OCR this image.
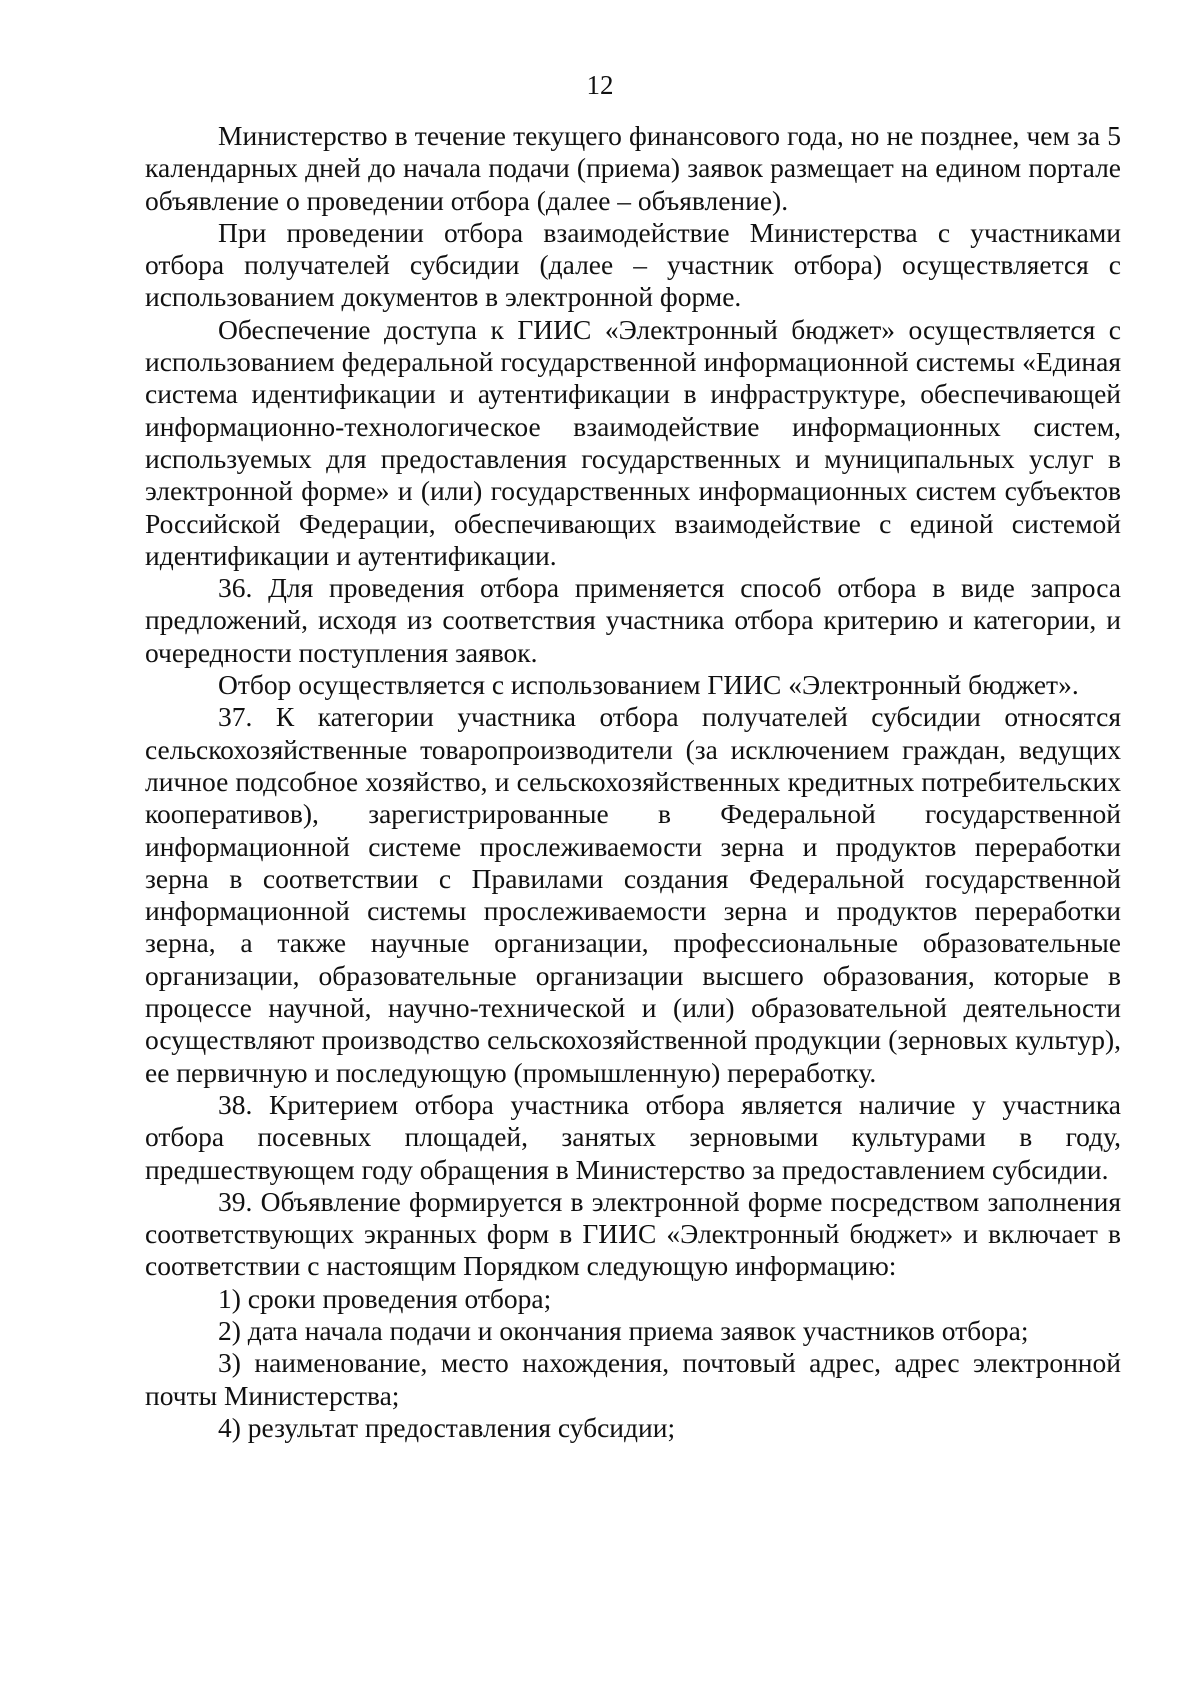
12

Министерство в течение текущего финансового года, но не позднее, чем за 5 календарных дней до начала подачи (приема) заявок размещает на едином портале объявление о проведении отбора (далее – объявление).

При проведении отбора взаимодействие Министерства с участниками отбора получателей субсидии (далее – участник отбора) осуществляется с использованием документов в электронной форме.

Обеспечение доступа к ГИИС «Электронный бюджет» осуществляется с использованием федеральной государственной информационной системы «Единая система идентификации и аутентификации в инфраструктуре, обеспечивающей информационно-технологическое взаимодействие информационных систем, используемых для предоставления государственных и муниципальных услуг в электронной форме» и (или) государственных информационных систем субъектов Российской Федерации, обеспечивающих взаимодействие с единой системой идентификации и аутентификации.

36. Для проведения отбора применяется способ отбора в виде запроса предложений, исходя из соответствия участника отбора критерию и категории, и очередности поступления заявок.

Отбор осуществляется с использованием ГИИС «Электронный бюджет».

37. К категории участника отбора получателей субсидии относятся сельскохозяйственные товаропроизводители (за исключением граждан, ведущих личное подсобное хозяйство, и сельскохозяйственных кредитных потребительских кооперативов), зарегистрированные в Федеральной государственной информационной системе прослеживаемости зерна и продуктов переработки зерна в соответствии с Правилами создания Федеральной государственной информационной системы прослеживаемости зерна и продуктов переработки зерна, а также научные организации, профессиональные образовательные организации, образовательные организации высшего образования, которые в процессе научной, научно-технической и (или) образовательной деятельности осуществляют производство сельскохозяйственной продукции (зерновых культур), ее первичную и последующую (промышленную) переработку.

38. Критерием отбора участника отбора является наличие у участника отбора посевных площадей, занятых зерновыми культурами в году, предшествующем году обращения в Министерство за предоставлением субсидии.

39. Объявление формируется в электронной форме посредством заполнения соответствующих экранных форм в ГИИС «Электронный бюджет» и включает в соответствии с настоящим Порядком следующую информацию:

1) сроки проведения отбора;

2) дата начала подачи и окончания приема заявок участников отбора;

3) наименование, место нахождения, почтовый адрес, адрес электронной почты Министерства;

4) результат предоставления субсидии;
